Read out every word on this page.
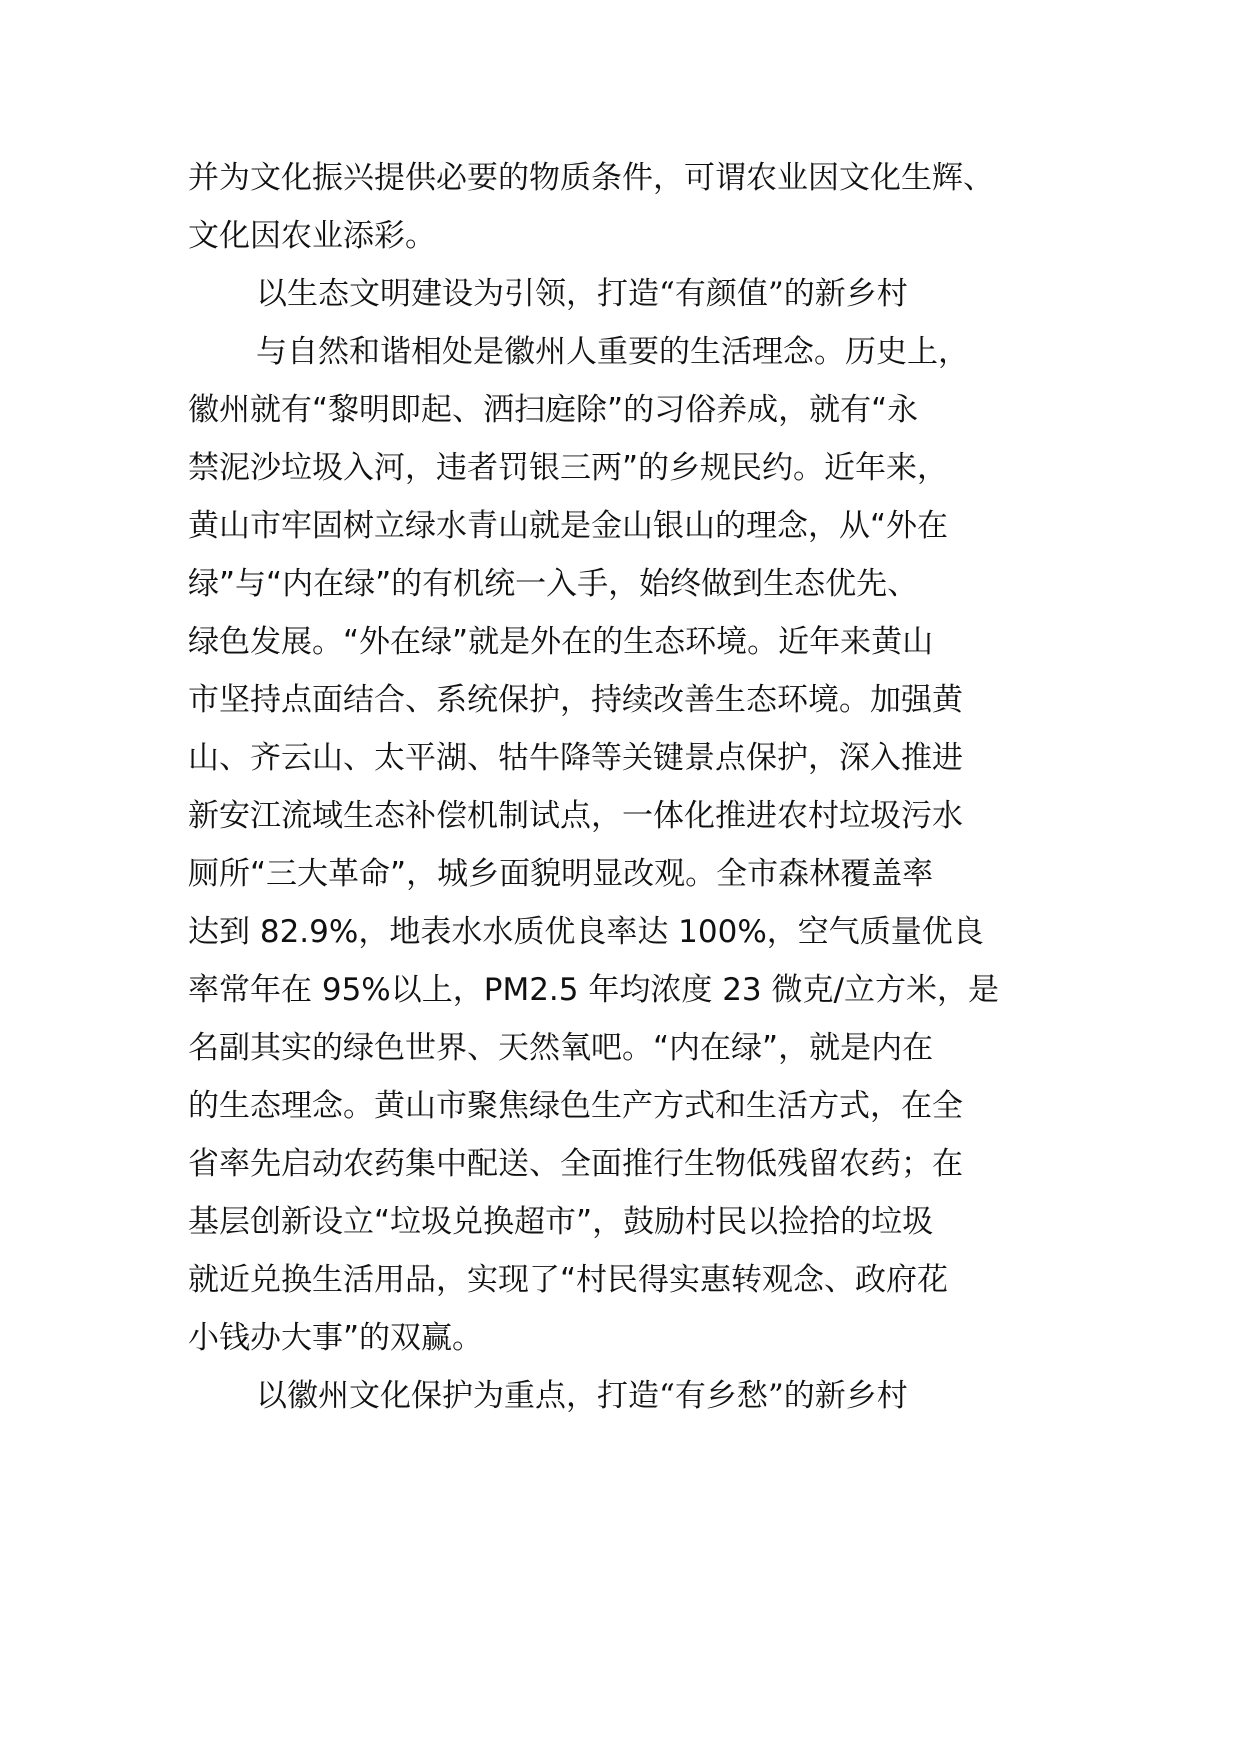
并为文化振兴提供必要的物质条件，可谓农业因文化生辉、

文化因农业添彩。

以生态文明建设为引领，打造“有颜值”的新乡村

与自然和谐相处是徽州人重要的生活理念。历史上，

徽州就有“黎明即起、洒扫庭除”的习俗养成，就有“永

禁泥沙垃圾入河，违者罚银三两”的乡规民约。近年来，

黄山市牢固树立绿水青山就是金山银山的理念，从“外在

绿”与“内在绿”的有机统一入手，始终做到生态优先、

绿色发展。“外在绿”就是外在的生态环境。近年来黄山

市坚持点面结合、系统保护，持续改善生态环境。加强黄

山、齐云山、太平湖、牯牛降等关键景点保护，深入推进

新安江流域生态补偿机制试点，一体化推进农村垃圾污水

厕所“三大革命”，城乡面貌明显改观。全市森林覆盖率

达到 82.9%，地表水水质优良率达 100%，空气质量优良

率常年在 95%以上，PM2.5 年均浓度 23 微克/立方米，是

名副其实的绿色世界、天然氧吧。“内在绿”，就是内在

的生态理念。黄山市聚焦绿色生产方式和生活方式，在全

省率先启动农药集中配送、全面推行生物低残留农药；在

基层创新设立“垃圾兑换超市”，鼓励村民以捡拾的垃圾

就近兑换生活用品，实现了“村民得实惠转观念、政府花

小钱办大事”的双赢。

以徽州文化保护为重点，打造“有乡愁”的新乡村
